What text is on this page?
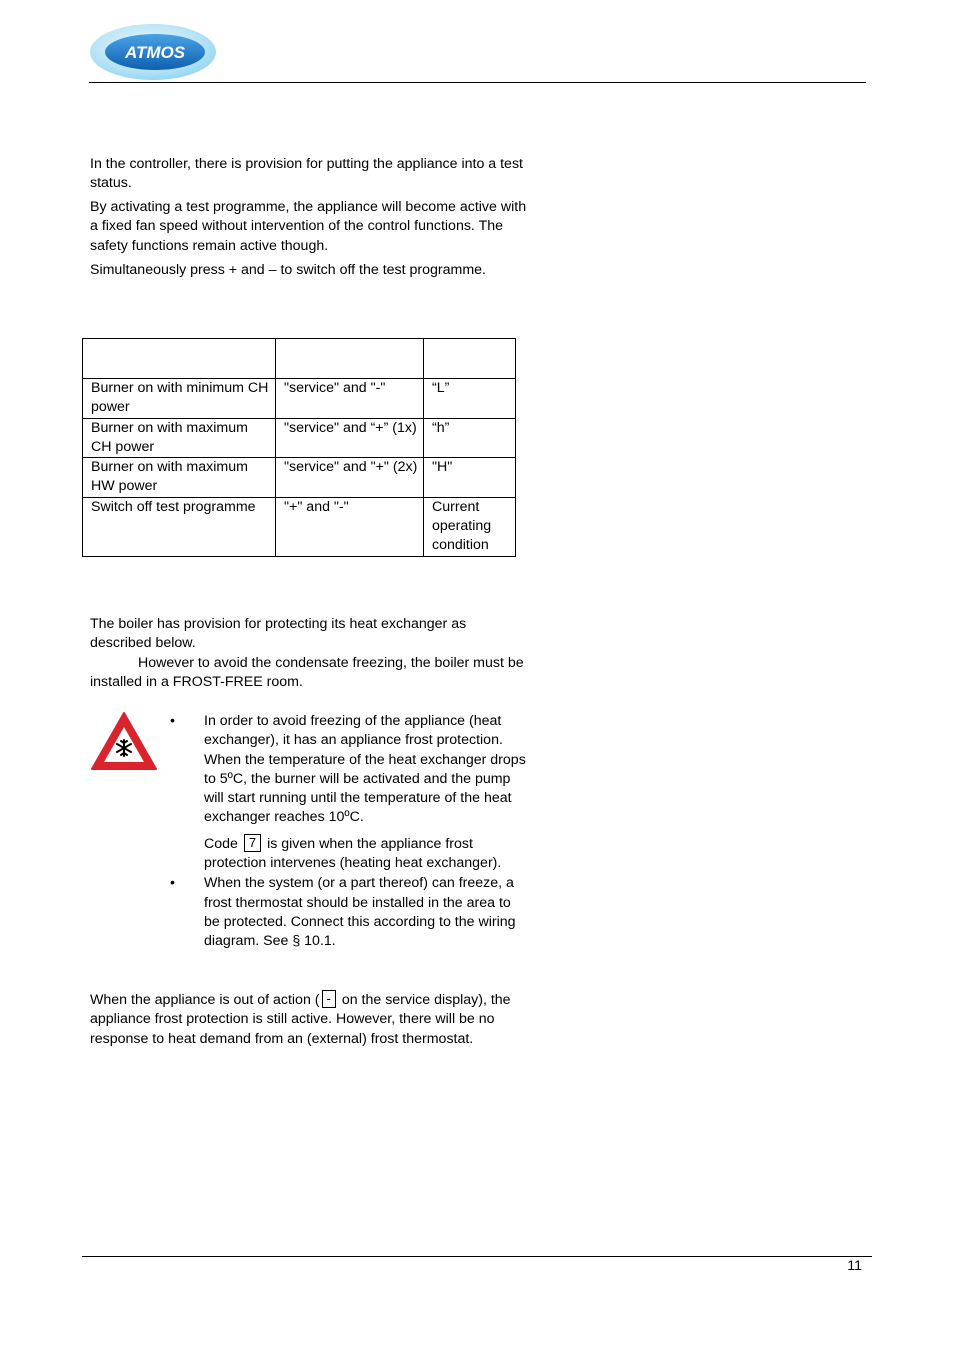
ATMOS

In the controller, there is provision for putting the appliance into a test status.

By activating a test programme, the appliance will become active with a fixed fan speed without intervention of the control functions. The safety functions remain active though.

Simultaneously press + and – to switch off the test programme.

Burner on with minimum CH power	"service" and "-"	“L”
Burner on with maximum CH power	"service" and “+” (1x)	“h”
Burner on with maximum HW power	"service" and "+" (2x)	"H"
Switch off test programme	"+" and "-"	Current operating condition

The boiler has provision for protecting its heat exchanger as described below.
However to avoid the condensate freezing, the boiler must be installed in a FROST-FREE room.

• In order to avoid freezing of the appliance (heat exchanger), it has an appliance frost protection. When the temperature of the heat exchanger drops to 5ºC, the burner will be activated and the pump will start running until the temperature of the heat exchanger reaches 10ºC.
Code 7 is given when the appliance frost protection intervenes (heating heat exchanger).
• When the system (or a part thereof) can freeze, a frost thermostat should be installed in the area to be protected. Connect this according to the wiring diagram. See § 10.1.

When the appliance is out of action ( - on the service display), the appliance frost protection is still active. However, there will be no response to heat demand from an (external) frost thermostat.

11
